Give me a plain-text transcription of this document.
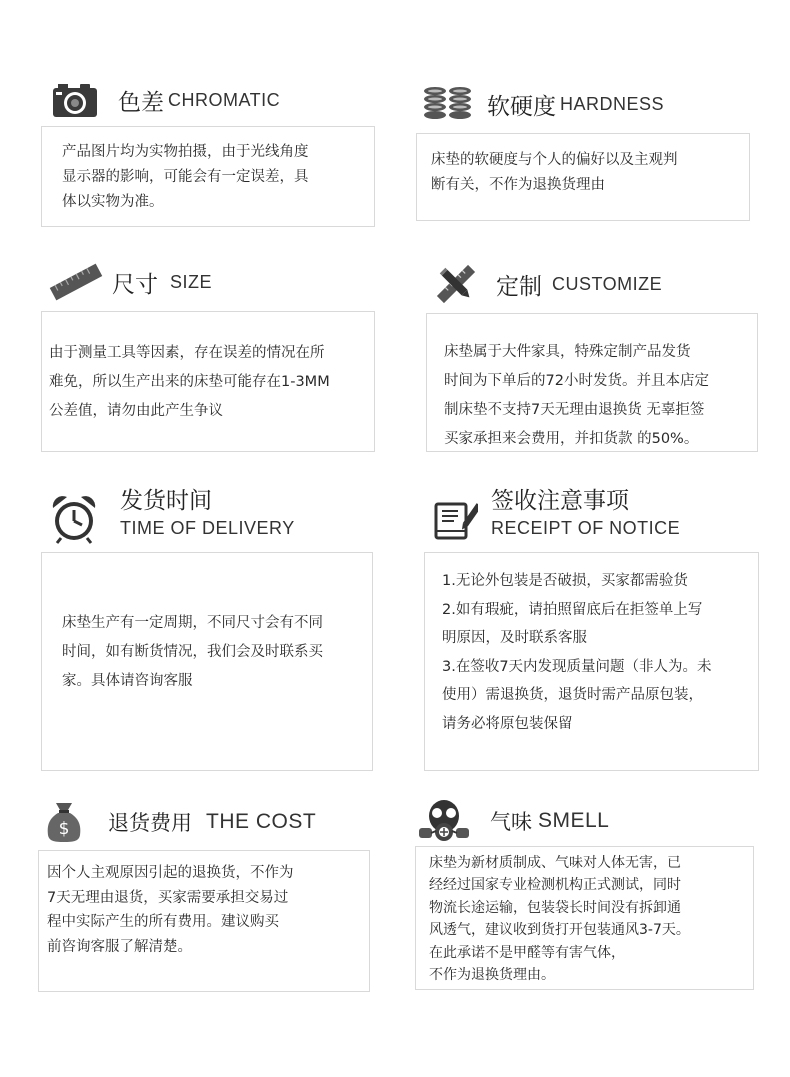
色差 CHROMATIC
产品图片均为实物拍摄，由于光线角度
显示器的影响，可能会有一定误差，具
体以实物为准。
软硬度 HARDNESS
床垫的软硬度与个人的偏好以及主观判
断有关，不作为退换货理由
尺寸 SIZE
由于测量工具等因素，存在误差的情况在所
难免，所以生产出来的床垫可能存在1-3MM
公差值，请勿由此产生争议
定制 CUSTOMIZE
床垫属于大件家具，特殊定制产品发货
时间为下单后的72小时发货。并且本店定
制床垫不支持7天无理由退换货 无辜拒签
买家承担来会费用，并扣货款 的50%。
发货时间
TIME OF DELIVERY
床垫生产有一定周期，不同尺寸会有不同
时间，如有断货情况，我们会及时联系买
家。具体请咨询客服
签收注意事项
RECEIPT OF NOTICE
1.无论外包装是否破损，买家都需验货
2.如有瑕疵，请拍照留底后在拒签单上写
明原因，及时联系客服
3.在签收7天内发现质量问题（非人为。未
使用）需退换货，退货时需产品原包装，
请务必将原包装保留
$ 退货费用 THE COST
因个人主观原因引起的退换货，不作为
7天无理由退货，买家需要承担交易过
程中实际产生的所有费用。建议购买
前咨询客服了解清楚。
气味 SMELL
床垫为新材质制成、气味对人体无害，已
经经过国家专业检测机构正式测试，同时
物流长途运输，包装袋长时间没有拆卸通
风透气，建议收到货打开包装通风3-7天。
在此承诺不是甲醛等有害气体，
不作为退换货理由。
